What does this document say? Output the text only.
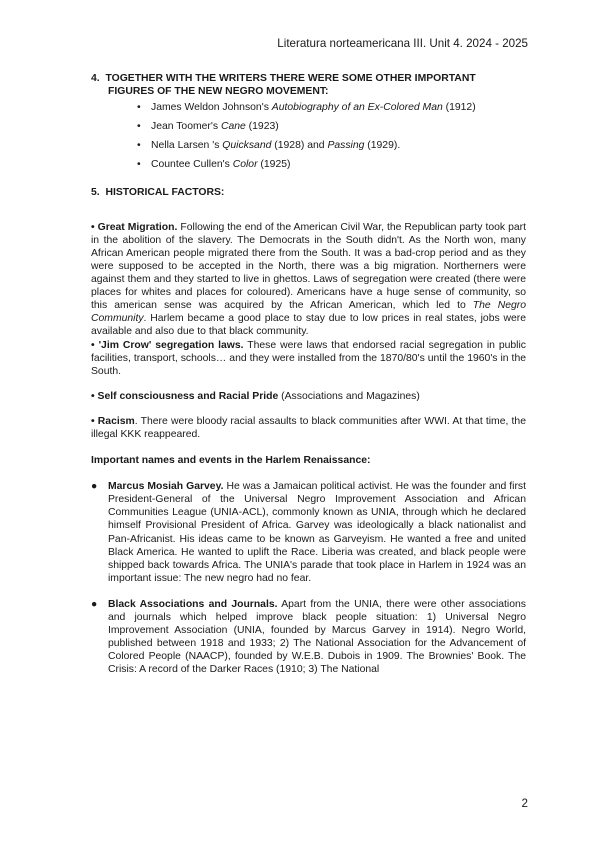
Literatura norteamericana III. Unit 4. 2024 - 2025
4. TOGETHER WITH THE WRITERS THERE WERE SOME OTHER IMPORTANT
FIGURES OF THE NEW NEGRO MOVEMENT:
• James Weldon Johnson's Autobiography of an Ex-Colored Man (1912)
• Jean Toomer's Cane (1923)
• Nella Larsen 's Quicksand (1928) and Passing (1929).
• Countee Cullen's Color (1925)
5. HISTORICAL FACTORS:

• Great Migration. Following the end of the American Civil War, the Republican party took part in the abolition of the slavery. The Democrats in the South didn't. As the North won, many African American people migrated there from the South. It was a bad-crop period and as they were supposed to be accepted in the North, there was a big migration. Northerners were against them and they started to live in ghettos. Laws of segregation were created (there were places for whites and places for coloured). Americans have a huge sense of community, so this american sense was acquired by the African American, which led to The Negro Community. Harlem became a good place to stay due to low prices in real states, jobs were available and also due to that black community.

• 'Jim Crow' segregation laws. These were laws that endorsed racial segregation in public facilities, transport, schools… and they were installed from the 1870/80's until the 1960's in the South.

• Self consciousness and Racial Pride (Associations and Magazines)

• Racism. There were bloody racial assaults to black communities after WWI. At that time, the illegal KKK reappeared.

Important names and events in the Harlem Renaissance:
● Marcus Mosiah Garvey. He was a Jamaican political activist. He was the founder and first President-General of the Universal Negro Improvement Association and African Communities League (UNIA-ACL), commonly known as UNIA, through which he declared himself Provisional President of Africa. Garvey was ideologically a black nationalist and Pan-Africanist. His ideas came to be known as Garveyism. He wanted a free and united Black America. He wanted to uplift the Race. Liberia was created, and black people were shipped back towards Africa. The UNIA's parade that took place in Harlem in 1924 was an important issue: The new negro had no fear.
● Black Associations and Journals. Apart from the UNIA, there were other associations and journals which helped improve black people situation: 1) Universal Negro Improvement Association (UNIA, founded by Marcus Garvey in 1914). Negro World, published between 1918 and 1933; 2) The National Association for the Advancement of Colored People (NAACP), founded by W.E.B. Dubois in 1909. The Brownies' Book. The Crisis: A record of the Darker Races (1910; 3) The National
2
